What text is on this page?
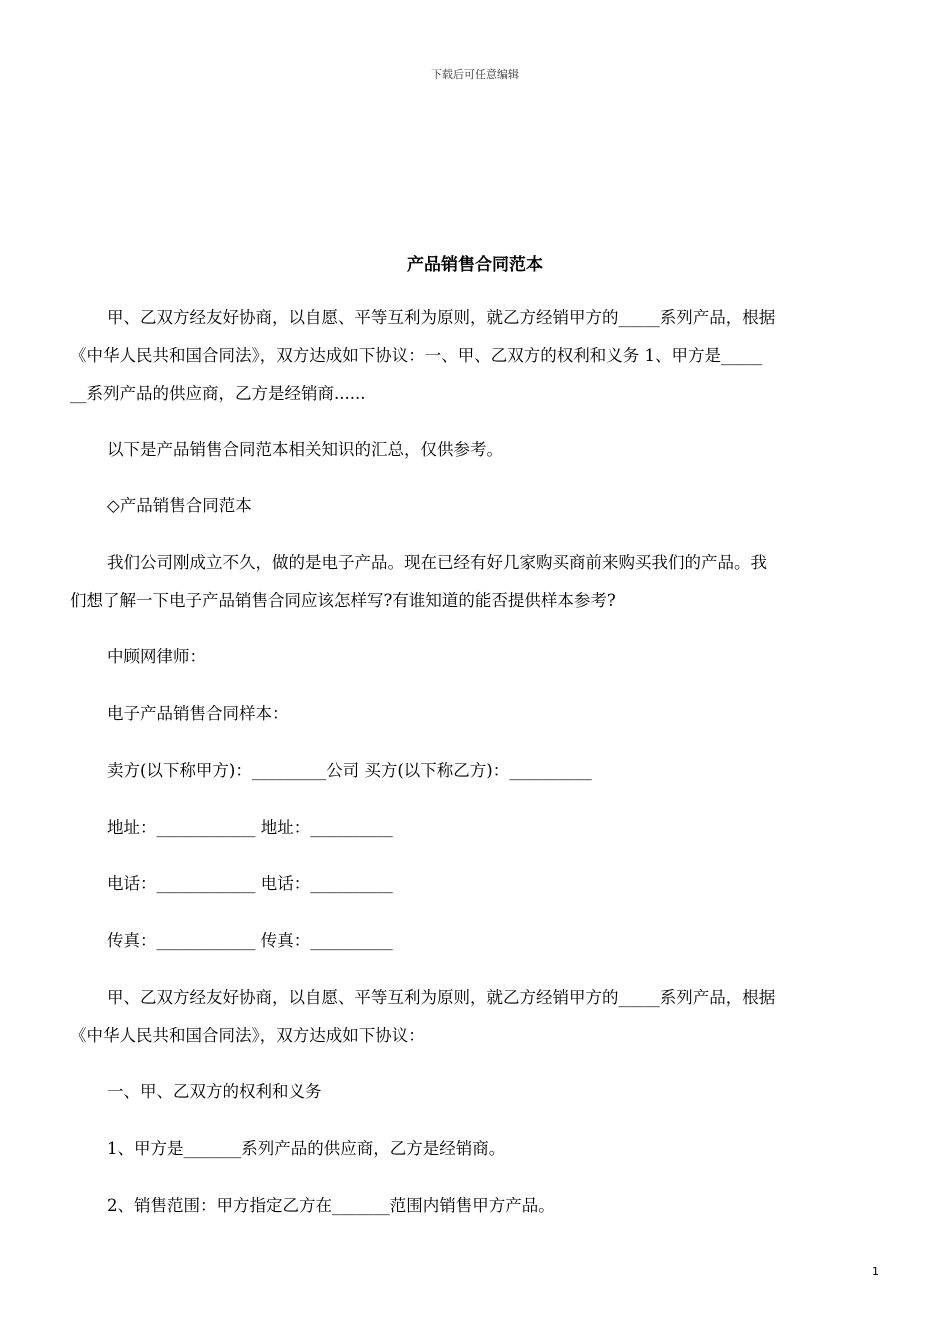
下载后可任意编辑
产品销售合同范本
甲、乙双方经友好协商，以自愿、平等互利为原则，就乙方经销甲方的_____系列产品，根据
《中华人民共和国合同法》，双方达成如下协议：一、甲、乙双方的权利和义务 1、甲方是_____
__系列产品的供应商，乙方是经销商......
以下是产品销售合同范本相关知识的汇总，仅供参考。
◇产品销售合同范本
我们公司刚成立不久，做的是电子产品。现在已经有好几家购买商前来购买我们的产品。我
们想了解一下电子产品销售合同应该怎样写?有谁知道的能否提供样本参考?
中顾网律师：
电子产品销售合同样本：
卖方(以下称甲方)：_________公司 买方(以下称乙方)：__________
地址：____________ 地址：__________
电话：____________ 电话：__________
传真：____________ 传真：__________
甲、乙双方经友好协商，以自愿、平等互利为原则，就乙方经销甲方的_____系列产品，根据
《中华人民共和国合同法》，双方达成如下协议：
一、甲、乙双方的权利和义务
1、甲方是_______系列产品的供应商，乙方是经销商。
2、销售范围：甲方指定乙方在_______范围内销售甲方产品。
1
